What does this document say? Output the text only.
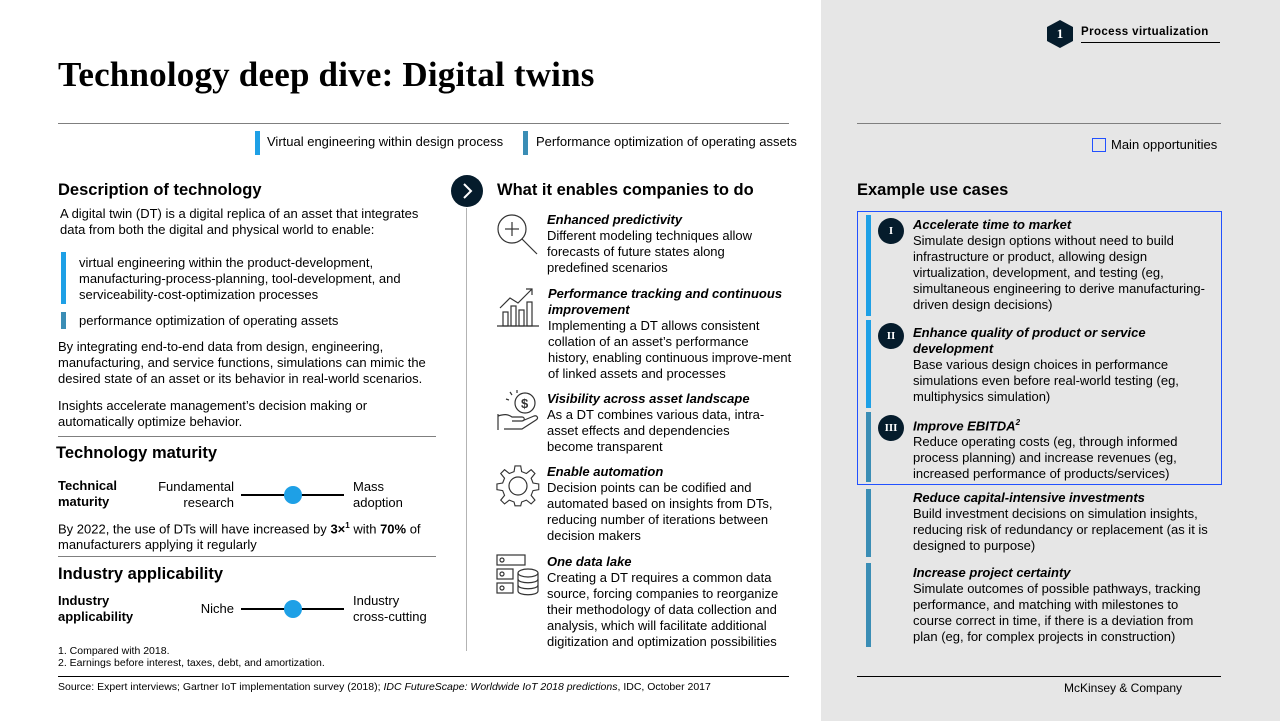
Technology deep dive: Digital twins
1	Process virtualization
Virtual engineering within design process	Performance optimization of operating assets	Main opportunities
Description of technology
A digital twin (DT) is a digital replica of an asset that integrates data from both the digital and physical world to enable:
virtual engineering within the product-development, manufacturing-process-planning, tool-development, and serviceability-cost-optimization processes
performance optimization of operating assets
By integrating end-to-end data from design, engineering, manufacturing, and service functions, simulations can mimic the desired state of an asset or its behavior in real-world scenarios.
Insights accelerate management’s decision making or automatically optimize behavior.
Technology maturity
Technical maturity
Fundamental research
Mass adoption
By 2022, the use of DTs will have increased by 3×$^1$ with 70% of manufacturers applying it regularly
Industry applicability
Industry applicability
Niche
Industry cross-cutting
1. Compared with 2018.
2. Earnings before interest, taxes, debt, and amortization.
Source: Expert interviews; Gartner IoT implementation survey (2018); IDC FutureScape: Worldwide IoT 2018 predictions, IDC, October 2017
What it enables companies to do
Enhanced predictivity
Different modeling techniques allow forecasts of future states along predefined scenarios
Performance tracking and continuous improvement
Implementing a DT allows consistent collation of an asset’s performance history, enabling continuous improve-ment of linked assets and processes
$ Visibility across asset landscape
As a DT combines various data, intra-asset effects and dependencies become transparent
Enable automation
Decision points can be codified and automated based on insights from DTs, reducing number of iterations between decision makers
One data lake
Creating a DT requires a common data source, forcing companies to reorganize their methodology of data collection and analysis, which will facilitate additional digitization and optimization possibilities
Example use cases
I	Accelerate time to market
Simulate design options without need to build infrastructure or product, allowing design virtualization, development, and testing (eg, simultaneous engineering to derive manufacturing-driven design decisions)
II	Enhance quality of product or service development
Base various design choices in performance simulations even before real-world testing (eg, multiphysics simulation)
III	Improve EBITDA$^2$
Reduce operating costs (eg, through informed process planning) and increase revenues (eg, increased performance of products/services)
Reduce capital-intensive investments
Build investment decisions on simulation insights, reducing risk of redundancy or replacement (as it is designed to purpose)
Increase project certainty
Simulate outcomes of possible pathways, tracking performance, and matching with milestones to course correct in time, if there is a deviation from plan (eg, for complex projects in construction)
McKinsey & Company
